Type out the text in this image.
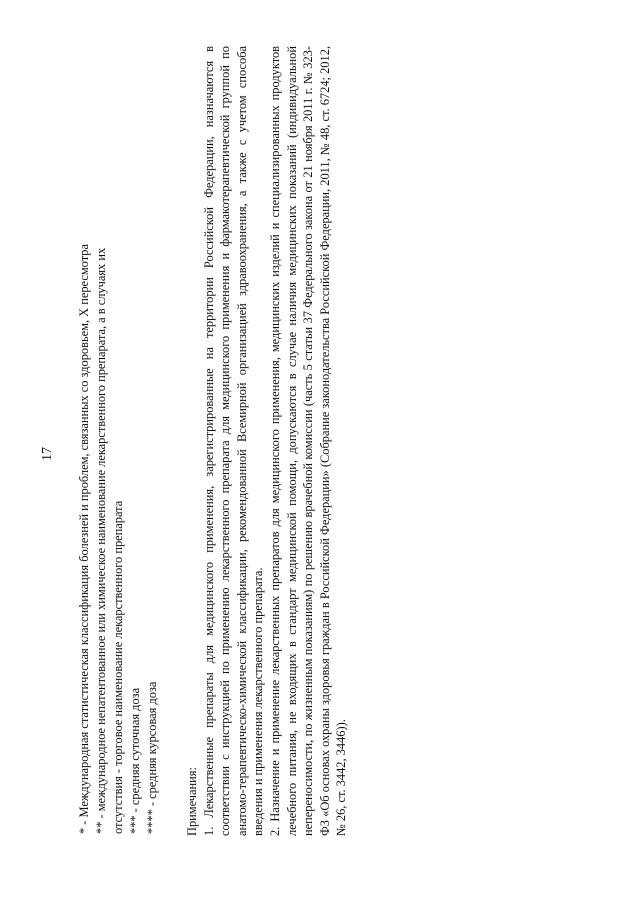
17 * - Международная статистическая классификация болезней и проблем, связанных со здоровьем, X пересмотра ** - международное непатентованное или химическое наименование лекарственного препарата, а в случаях их отсутствия - торговое наименование лекарственного препарата *** - средняя суточная доза **** - средняя курсовая доза Примечания: 1. Лекарственные препараты для медицинского применения, зарегистрированные на территории Российской Федерации, назначаются в соответствии с инструкцией по применению лекарственного препарата для медицинского применения и фармакотерапевтической группой по анатомо-терапевтическо-химической классификации, рекомендованной Всемирной организацией здравоохранения, а также с учетом способа введения и применения лекарственного препарата. 2. Назначение и применение лекарственных препаратов для медицинского применения, медицинских изделий и специализированных продуктов лечебного питания, не входящих в стандарт медицинской помощи, допускаются в случае наличия медицинских показаний (индивидуальной непереносимости, по жизненным показаниям) по решению врачебной комиссии (часть 5 статьи 37 Федерального закона от 21 ноября 2011 г. № 323-ФЗ «Об основах охраны здоровья граждан в Российской Федерации» (Собрание законодательства Российской Федерации, 2011, № 48, ст. 6724; 2012, № 26, ст. 3442, 3446)).
